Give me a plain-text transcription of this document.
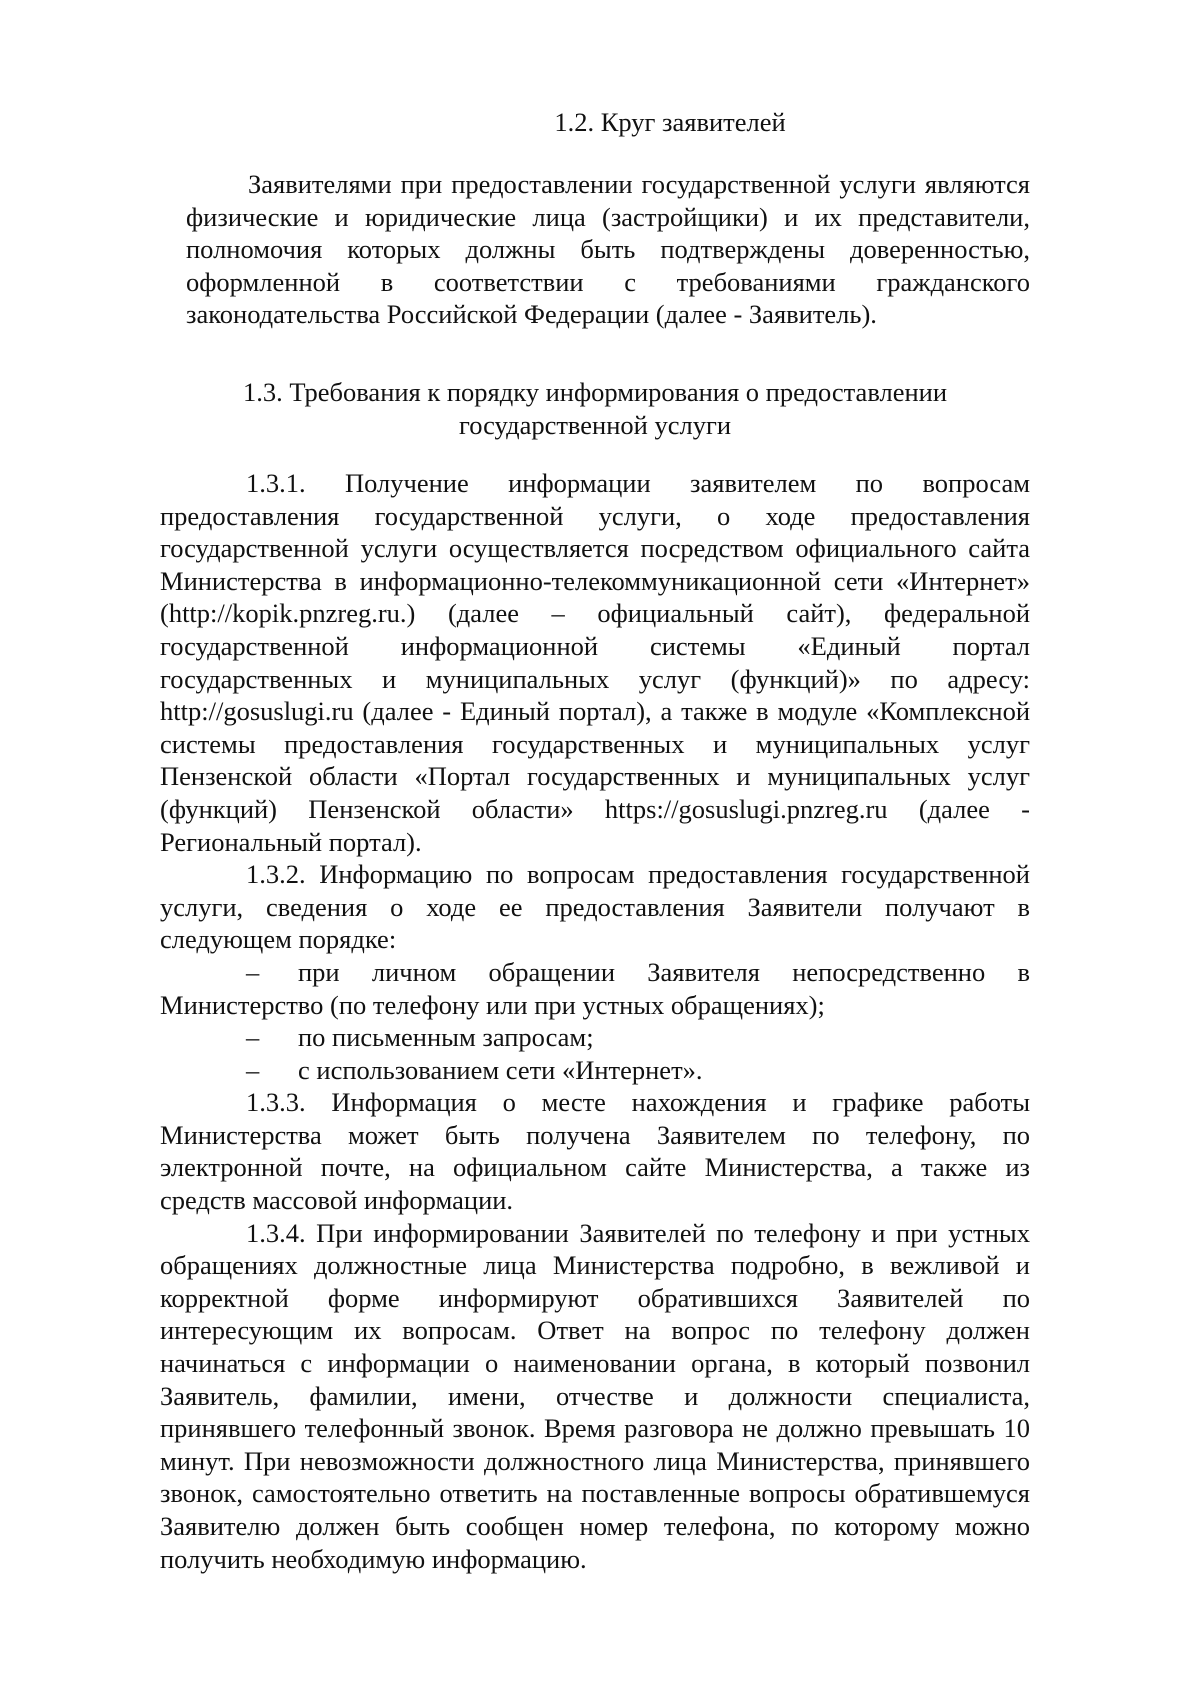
1.2. Круг заявителей

Заявителями при предоставлении государственной услуги являются физические и юридические лица (застройщики) и их представители, полномочия которых должны быть подтверждены доверенностью, оформленной в соответствии с требованиями гражданского законодательства Российской Федерации (далее - Заявитель).

1.3. Требования к порядку информирования о предоставлении
государственной услуги

1.3.1. Получение информации заявителем по вопросам предоставления государственной услуги, о ходе предоставления государственной услуги осуществляется посредством официального сайта Министерства в информационно-телекоммуникационной сети «Интернет» (http://kopik.pnzreg.ru.) (далее – официальный сайт), федеральной государственной информационной системы «Единый портал государственных и муниципальных услуг (функций)» по адресу: http://gosuslugi.ru (далее - Единый портал), а также в модуле «Комплексной системы предоставления государственных и муниципальных услуг Пензенской области «Портал государственных и муниципальных услуг (функций) Пензенской области» https://gosuslugi.pnzreg.ru (далее - Региональный портал).

1.3.2. Информацию по вопросам предоставления государственной услуги, сведения о ходе ее предоставления Заявители получают в следующем порядке:

– при личном обращении Заявителя непосредственно в Министерство (по телефону или при устных обращениях);

– по письменным запросам;

– с использованием сети «Интернет».

1.3.3. Информация о месте нахождения и графике работы Министерства может быть получена Заявителем по телефону, по электронной почте, на официальном сайте Министерства, а также из средств массовой информации.

1.3.4. При информировании Заявителей по телефону и при устных обращениях должностные лица Министерства подробно, в вежливой и корректной форме информируют обратившихся Заявителей по интересующим их вопросам. Ответ на вопрос по телефону должен начинаться с информации о наименовании органа, в который позвонил Заявитель, фамилии, имени, отчестве и должности специалиста, принявшего телефонный звонок. Время разговора не должно превышать 10 минут. При невозможности должностного лица Министерства, принявшего звонок, самостоятельно ответить на поставленные вопросы обратившемуся Заявителю должен быть сообщен номер телефона, по которому можно получить необходимую информацию.
